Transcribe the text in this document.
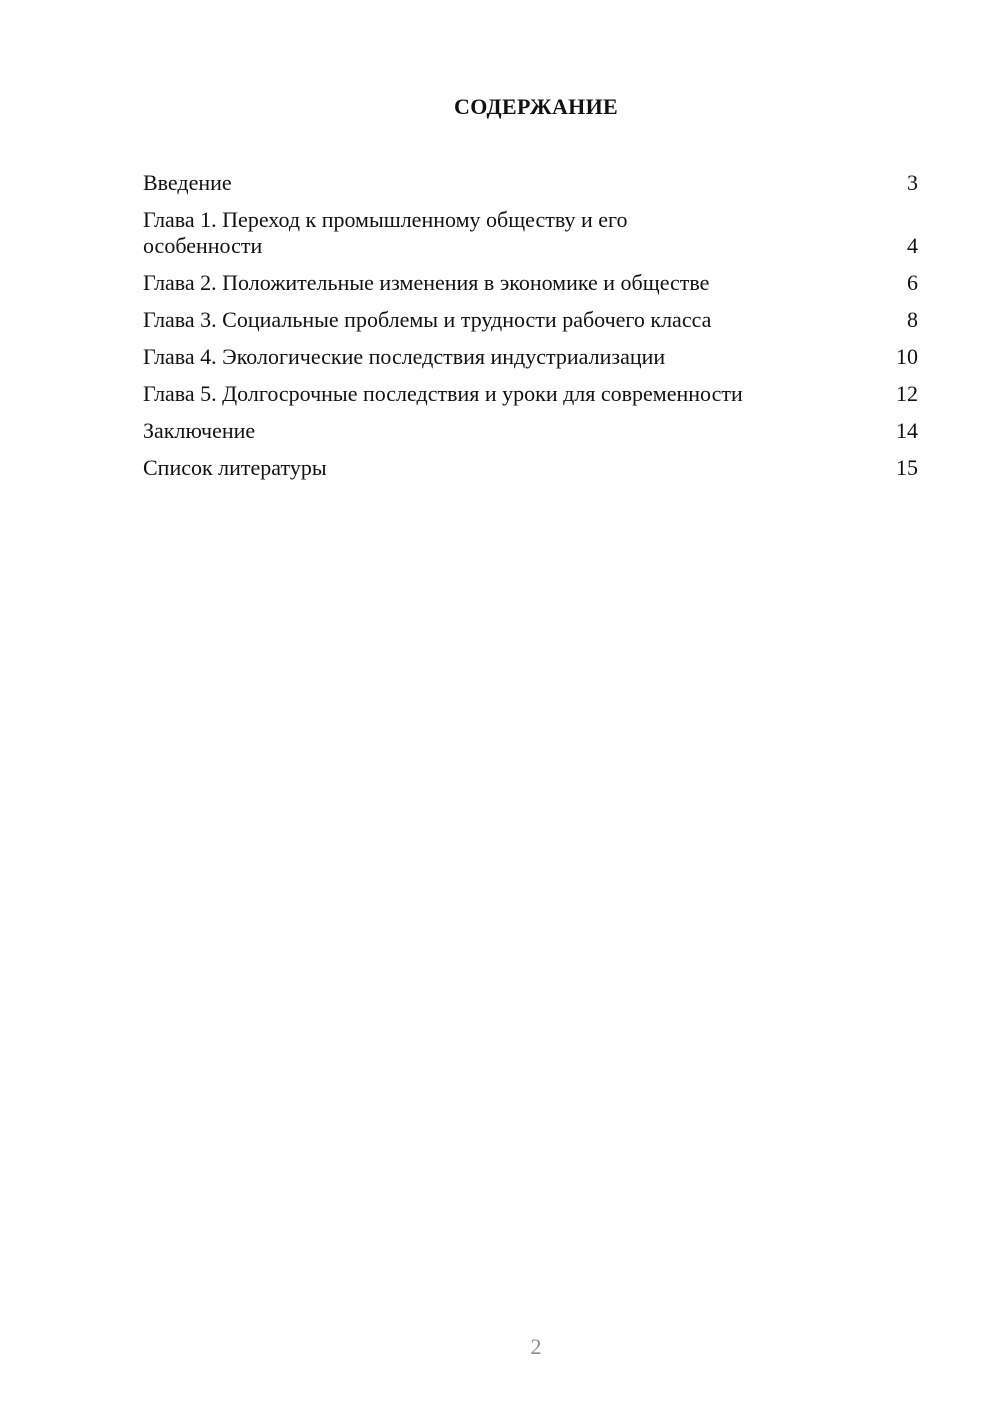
СОДЕРЖАНИЕ
Введение	3
Глава 1. Переход к промышленному обществу и его особенности	4
Глава 2. Положительные изменения в экономике и обществе	6
Глава 3. Социальные проблемы и трудности рабочего класса	8
Глава 4. Экологические последствия индустриализации	10
Глава 5. Долгосрочные последствия и уроки для современности	12
Заключение	14
Список литературы	15
2
